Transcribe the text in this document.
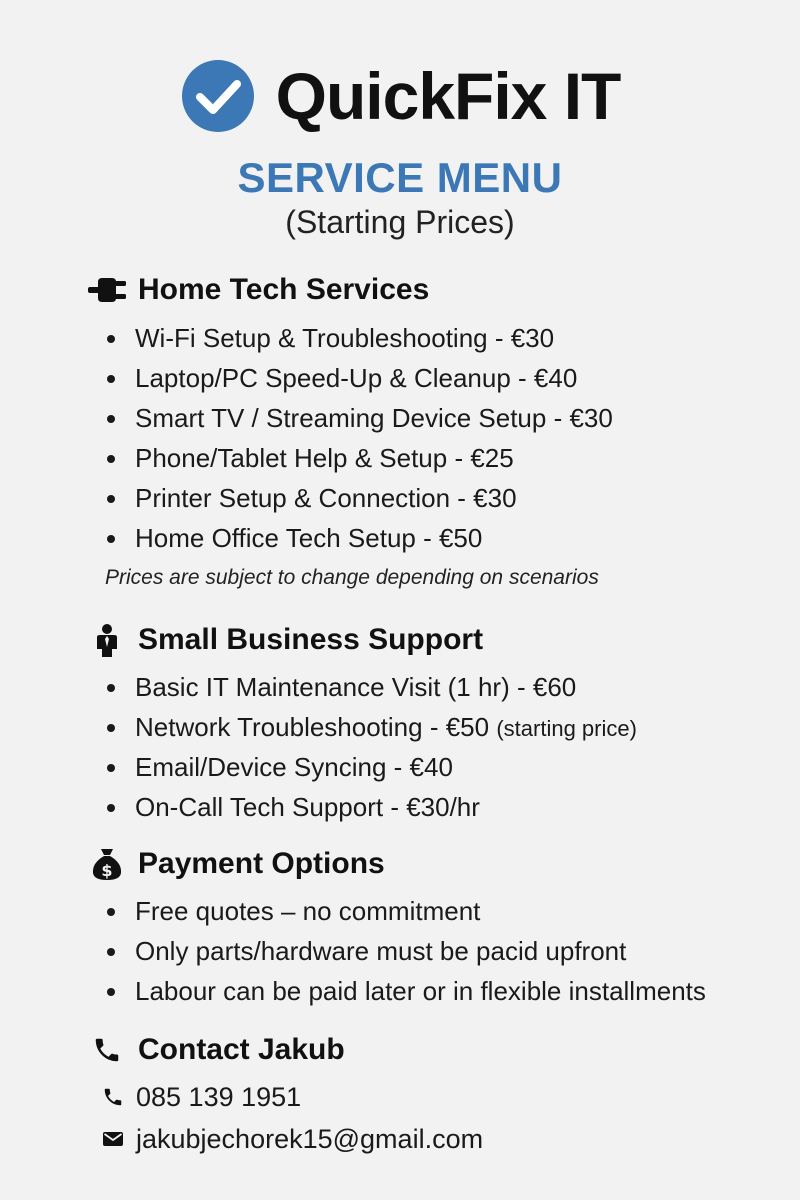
QuickFix IT
SERVICE MENU
(Starting Prices)
Home Tech Services
Wi-Fi Setup & Troubleshooting - €30
Laptop/PC Speed-Up & Cleanup - €40
Smart TV / Streaming Device Setup - €30
Phone/Tablet Help & Setup - €25
Printer Setup & Connection - €30
Home Office Tech Setup - €50
Prices are subject to change depending on scenarios
Small Business Support
Basic IT Maintenance Visit (1 hr) - €60
Network Troubleshooting - €50 (starting price)
Email/Device Syncing - €40
On-Call Tech Support - €30/hr
$ Payment Options
Free quotes – no commitment
Only parts/hardware must be pacid upfront
Labour can be paid later or in flexible installments
Contact Jakub
085 139 1951
jakubjechorek15@gmail.com
